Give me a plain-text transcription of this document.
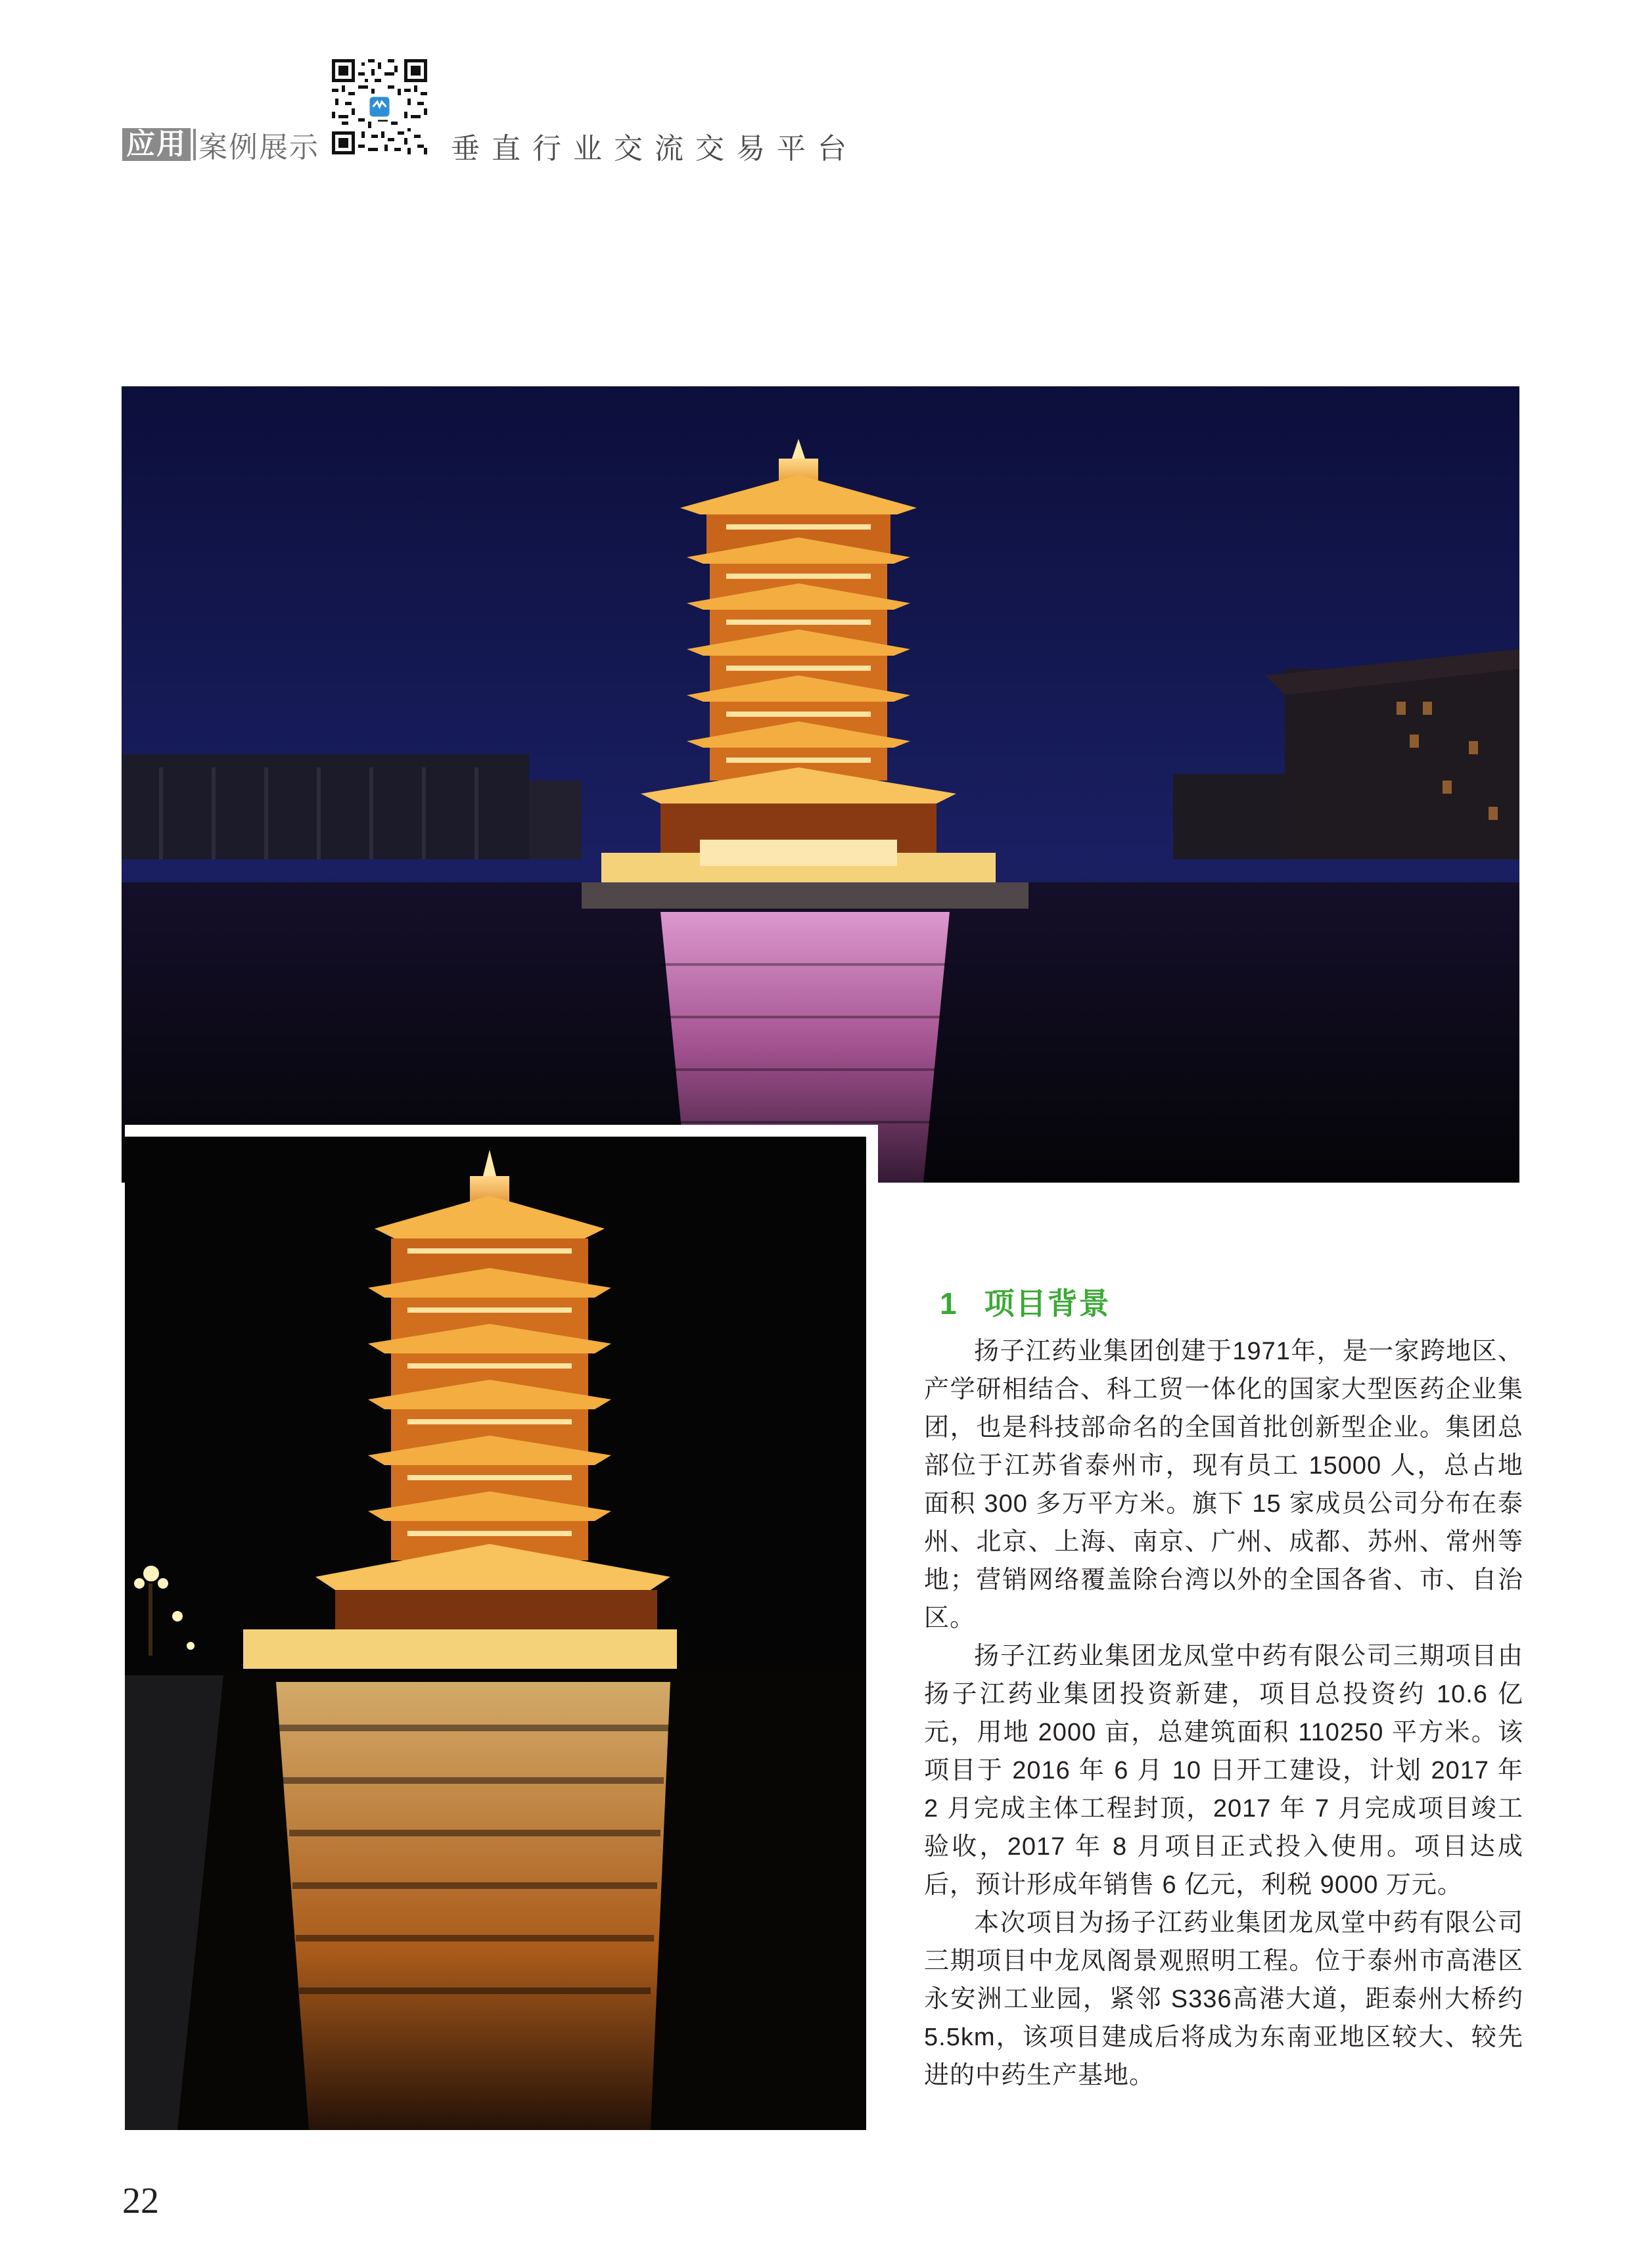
应用 案例展示	垂直行业交流交易平台
1 项目背景

扬子江药业集团创建于1971年，是一家跨地区、产学研相结合、科工贸一体化的国家大型医药企业集团，也是科技部命名的全国首批创新型企业。集团总部位于江苏省泰州市，现有员工 15000 人，总占地面积 300 多万平方米。旗下 15 家成员公司分布在泰州、北京、上海、南京、广州、成都、苏州、常州等地；营销网络覆盖除台湾以外的全国各省、市、自治区。

扬子江药业集团龙凤堂中药有限公司三期项目由扬子江药业集团投资新建，项目总投资约 10.6 亿元，用地 2000 亩，总建筑面积 110250 平方米。该项目于 2016 年 6 月 10 日开工建设，计划 2017 年 2 月完成主体工程封顶，2017 年 7 月完成项目竣工验收，2017 年 8 月项目正式投入使用。项目达成后，预计形成年销售 6 亿元，利税 9000 万元。

本次项目为扬子江药业集团龙凤堂中药有限公司三期项目中龙凤阁景观照明工程。位于泰州市高港区永安洲工业园，紧邻 S336高港大道，距泰州大桥约 5.5km，该项目建成后将成为东南亚地区较大、较先进的中药生产基地。

22
